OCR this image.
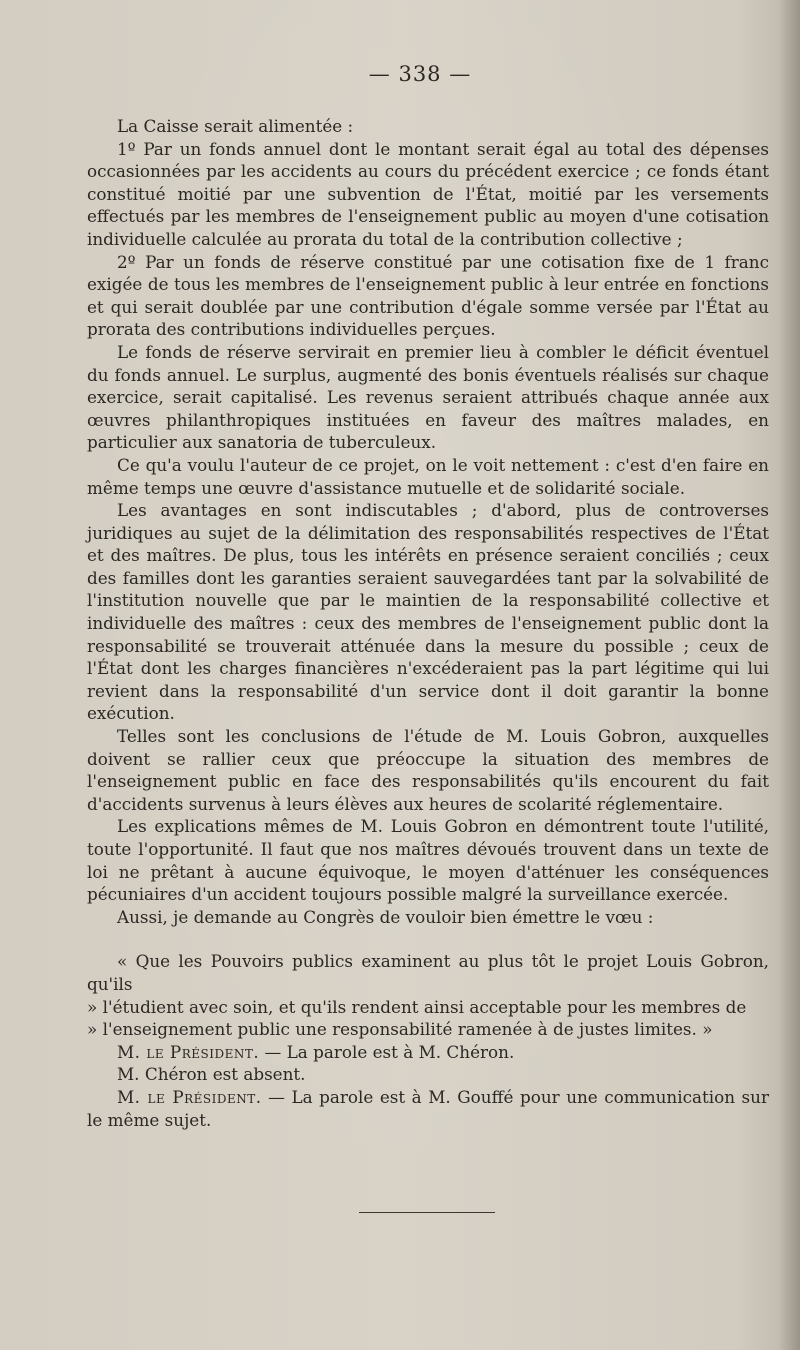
— 338 —

La Caisse serait alimentée :

1º Par un fonds annuel dont le montant serait égal au total des dépenses occasionnées par les accidents au cours du précédent exercice ; ce fonds étant constitué moitié par une subvention de l'État, moitié par les versements effectués par les membres de l'enseignement public au moyen d'une cotisation individuelle calculée au prorata du total de la contribution collective ;

2º Par un fonds de réserve constitué par une cotisation fixe de 1 franc exigée de tous les membres de l'enseignement public à leur entrée en fonctions et qui serait doublée par une contribution d'égale somme versée par l'État au prorata des contributions individuelles perçues.

Le fonds de réserve servirait en premier lieu à combler le déficit éventuel du fonds annuel. Le surplus, augmenté des bonis éventuels réalisés sur chaque exercice, serait capitalisé. Les revenus seraient attribués chaque année aux œuvres philanthropiques instituées en faveur des maîtres malades, en particulier aux sanatoria de tuberculeux.

Ce qu'a voulu l'auteur de ce projet, on le voit nettement : c'est d'en faire en même temps une œuvre d'assistance mutuelle et de solidarité sociale.

Les avantages en sont indiscutables ; d'abord, plus de controverses juridiques au sujet de la délimitation des responsabilités respectives de l'État et des maîtres. De plus, tous les intérêts en présence seraient conciliés ; ceux des familles dont les garanties seraient sauvegardées tant par la solvabilité de l'institution nouvelle que par le maintien de la responsabilité collective et individuelle des maîtres : ceux des membres de l'enseignement public dont la responsabilité se trouverait atténuée dans la mesure du possible ; ceux de l'État dont les charges financières n'excéderaient pas la part légitime qui lui revient dans la responsabilité d'un service dont il doit garantir la bonne exécution.

Telles sont les conclusions de l'étude de M. Louis Gobron, auxquelles doivent se rallier ceux que préoccupe la situation des membres de l'enseignement public en face des responsabilités qu'ils encourent du fait d'accidents survenus à leurs élèves aux heures de scolarité réglementaire.

Les explications mêmes de M. Louis Gobron en démontrent toute l'utilité, toute l'opportunité. Il faut que nos maîtres dévoués trouvent dans un texte de loi ne prêtant à aucune équivoque, le moyen d'atténuer les conséquences pécuniaires d'un accident toujours possible malgré la surveillance exercée.

Aussi, je demande au Congrès de vouloir bien émettre le vœu :

« Que les Pouvoirs publics examinent au plus tôt le projet Louis Gobron, qu'ils

» l'étudient avec soin, et qu'ils rendent ainsi acceptable pour les membres de

» l'enseignement public une responsabilité ramenée à de justes limites. »

M. le Président. — La parole est à M. Chéron.

M. Chéron est absent.

M. le Président. — La parole est à M. Gouffé pour une communication sur le même sujet.
